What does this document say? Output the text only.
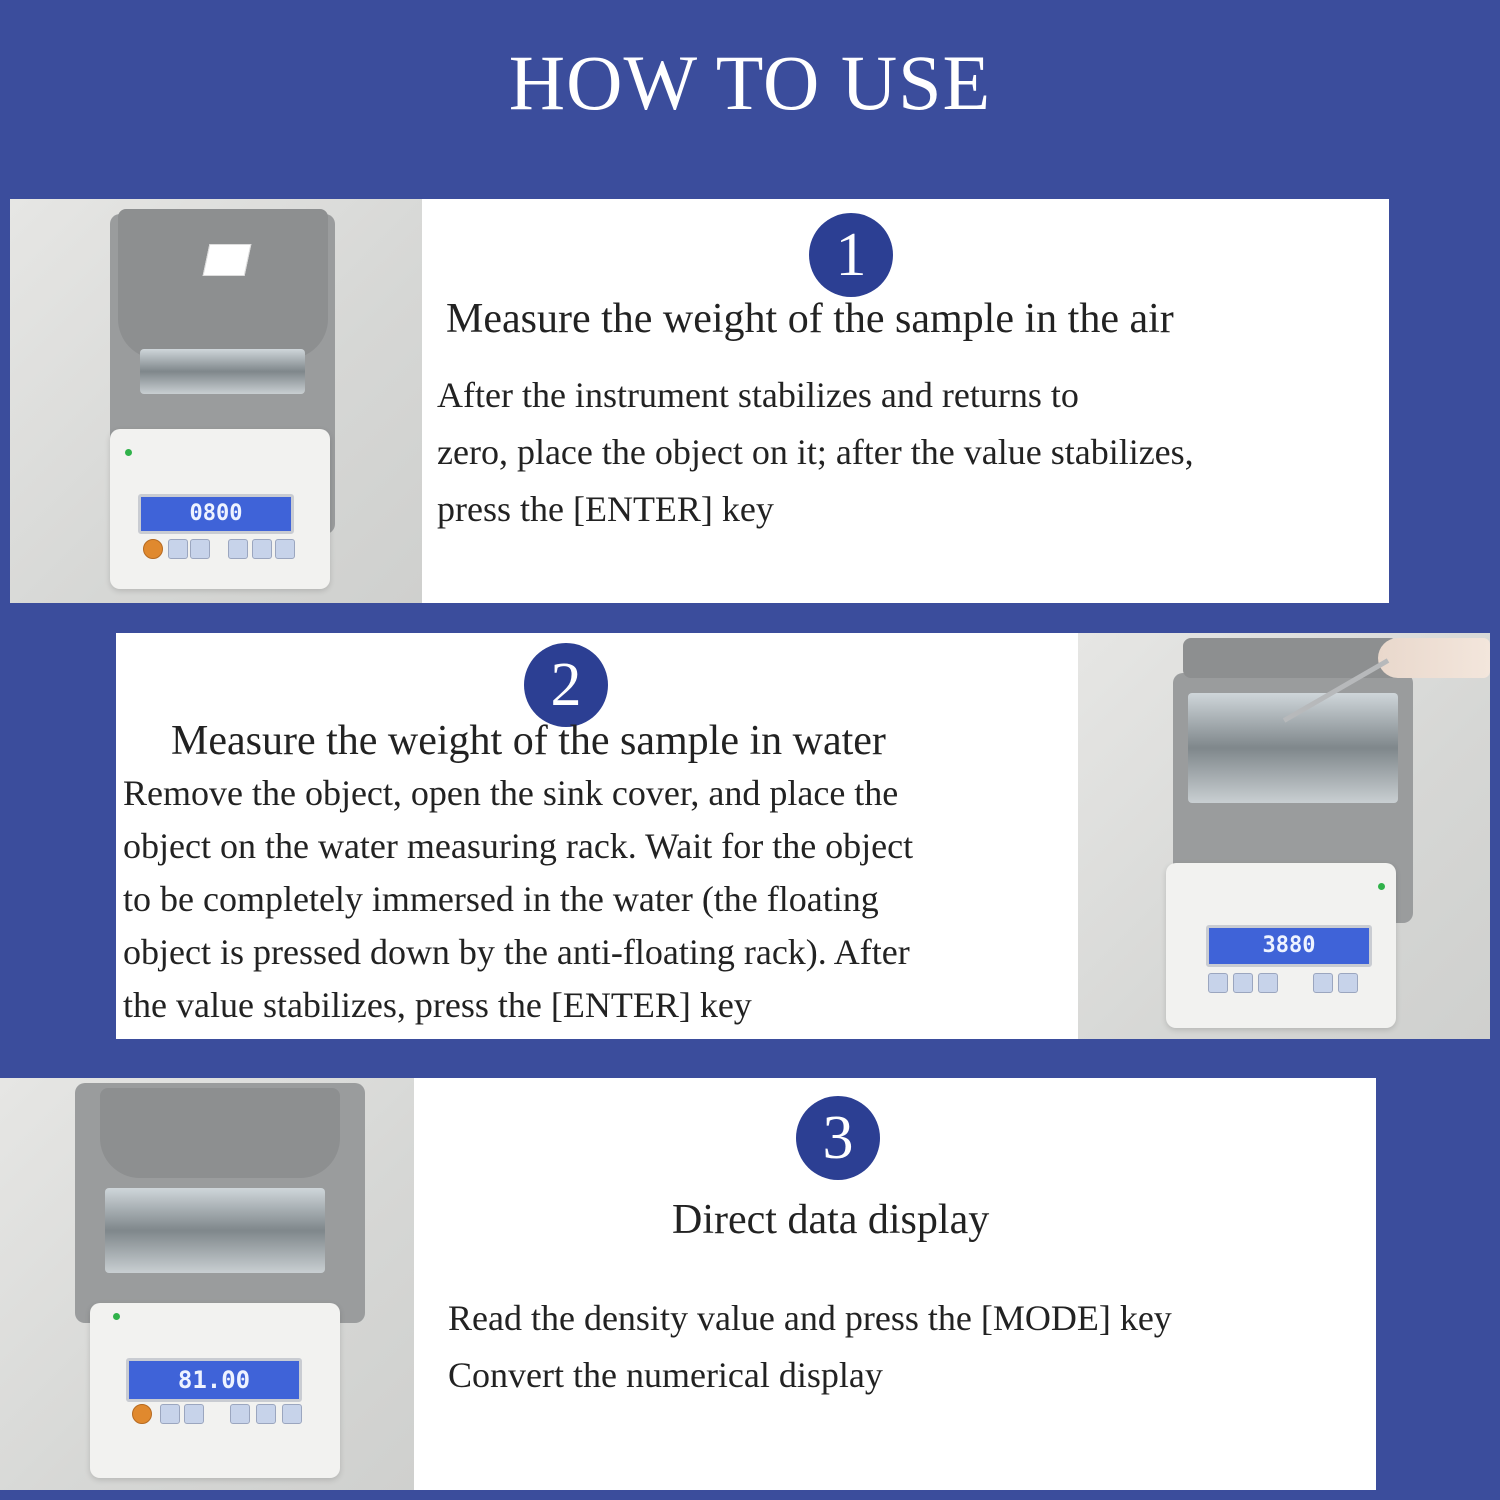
HOW TO USE
0800
1
Measure the weight of the sample in the air
After the instrument stabilizes and returns to
zero, place the object on it; after the value stabilizes,
press the [ENTER] key
2
Measure the weight of the sample in water
Remove the object, open the sink cover, and place the
object on the water measuring rack. Wait for the object
to be completely immersed in the water (the floating
object is pressed down by the anti-floating rack). After
the value stabilizes, press the [ENTER] key
3880
81.00
3
Direct data display
Read the density value and press the [MODE] key
Convert the numerical display
